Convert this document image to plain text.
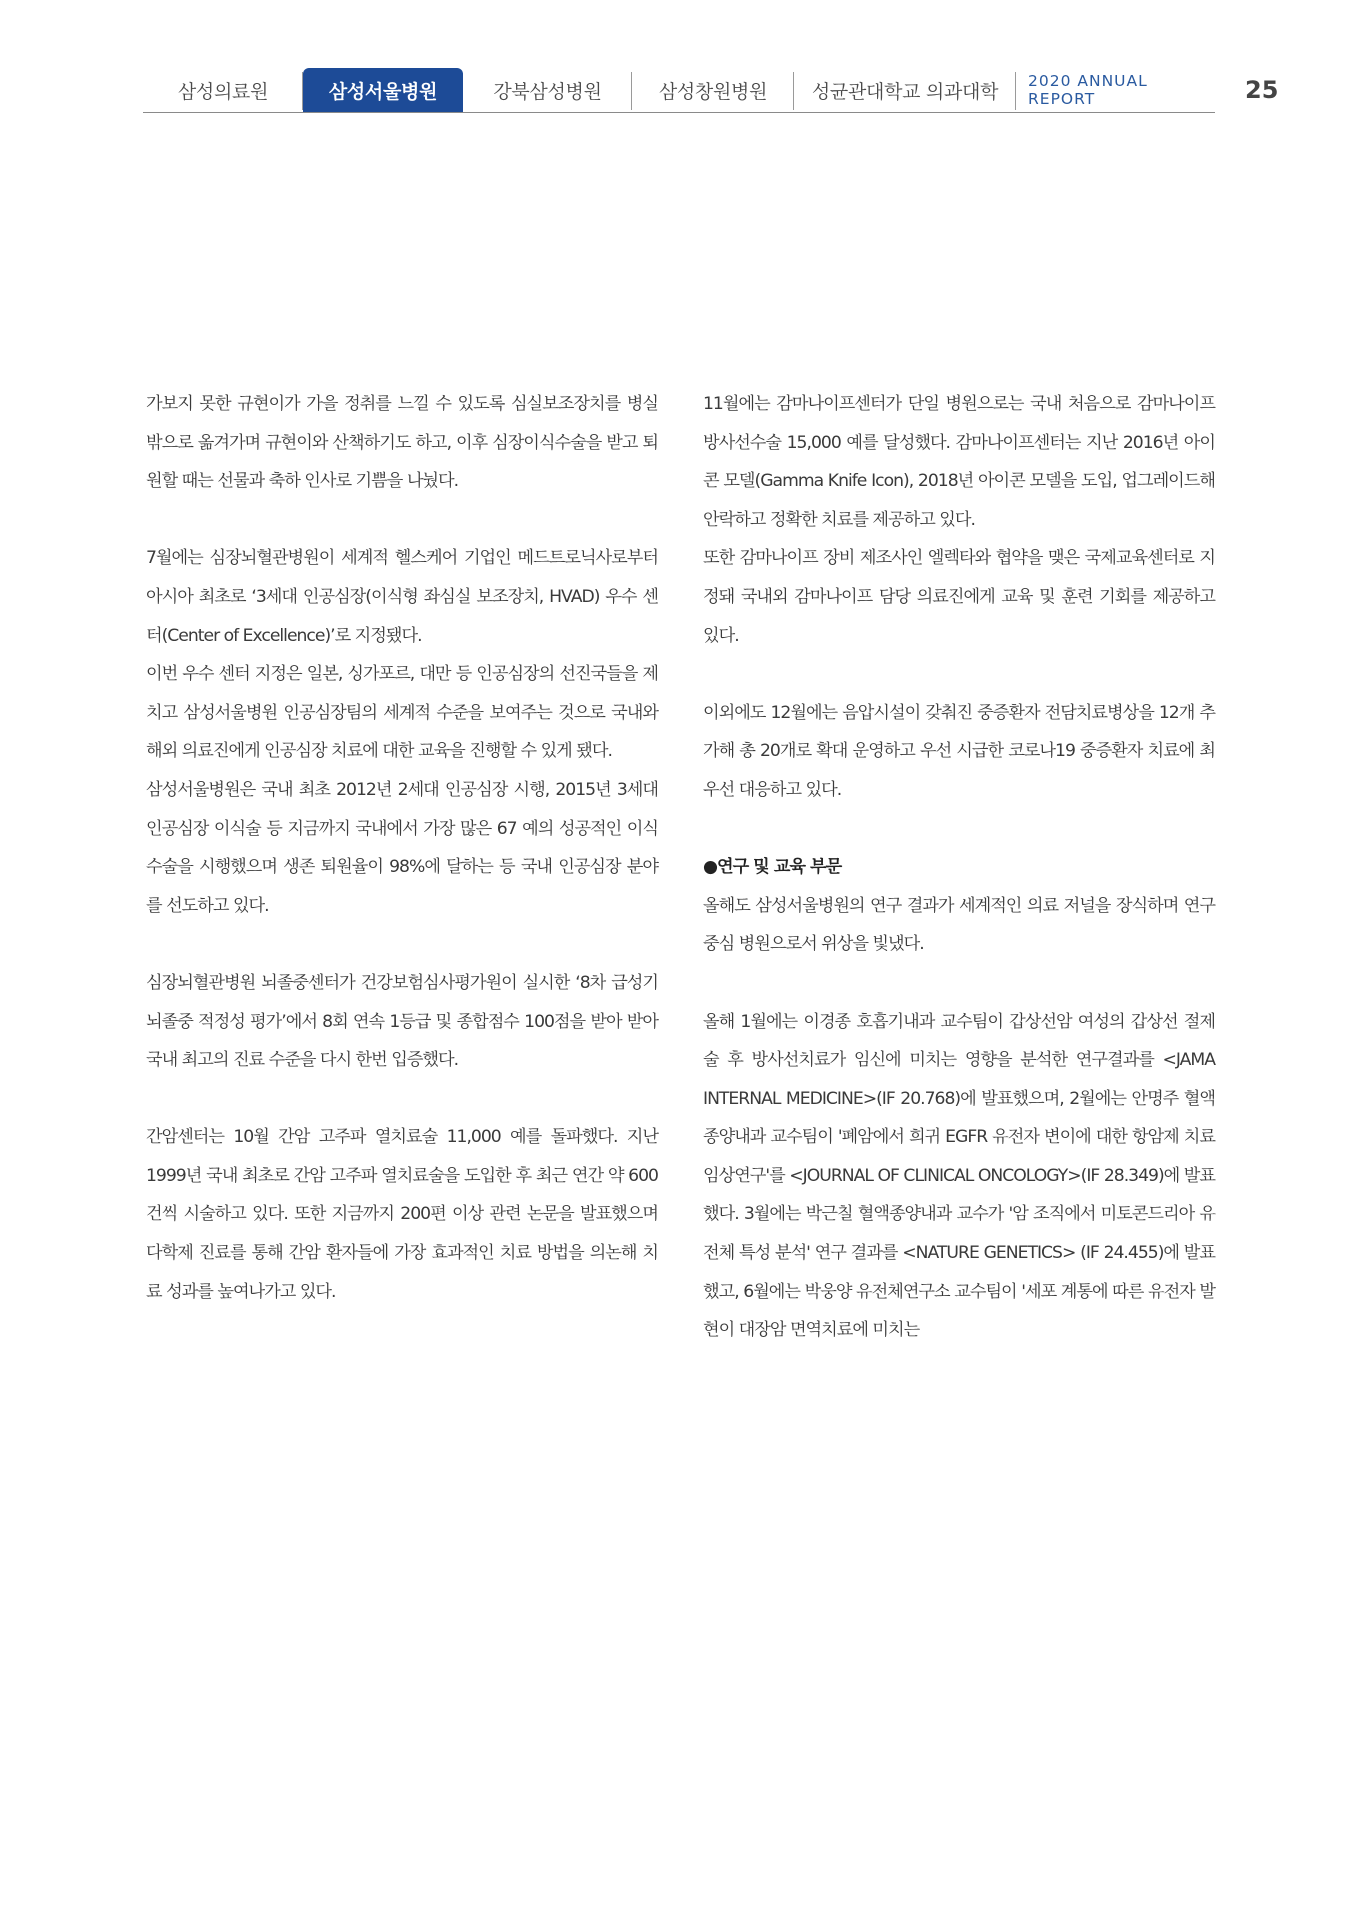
삼성의료원	삼성서울병원	강북삼성병원	삼성창원병원	성균관대학교 의과대학	2020 ANNUAL REPORT	25

가보지 못한 규현이가 가을 정취를 느낄 수 있도록 심실보조장치를 병실 밖으로 옮겨가며 규현이와 산책하기도 하고, 이후 심장이식수술을 받고 퇴원할 때는 선물과 축하 인사로 기쁨을 나눴다.

7월에는 심장뇌혈관병원이 세계적 헬스케어 기업인 메드트로닉사로부터 아시아 최초로 ‘3세대 인공심장(이식형 좌심실 보조장치, HVAD) 우수 센터(Center of Excellence)’로 지정됐다.

이번 우수 센터 지정은 일본, 싱가포르, 대만 등 인공심장의 선진국들을 제치고 삼성서울병원 인공심장팀의 세계적 수준을 보여주는 것으로 국내와 해외 의료진에게 인공심장 치료에 대한 교육을 진행할 수 있게 됐다.

삼성서울병원은 국내 최초 2012년 2세대 인공심장 시행, 2015년 3세대 인공심장 이식술 등 지금까지 국내에서 가장 많은 67 예의 성공적인 이식 수술을 시행했으며 생존 퇴원율이 98%에 달하는 등 국내 인공심장 분야를 선도하고 있다.

심장뇌혈관병원 뇌졸중센터가 건강보험심사평가원이 실시한 ‘8차 급성기 뇌졸중 적정성 평가’에서 8회 연속 1등급 및 종합점수 100점을 받아 받아 국내 최고의 진료 수준을 다시 한번 입증했다.

간암센터는 10월 간암 고주파 열치료술 11,000 예를 돌파했다. 지난 1999년 국내 최초로 간암 고주파 열치료술을 도입한 후 최근 연간 약 600건씩 시술하고 있다. 또한 지금까지 200편 이상 관련 논문을 발표했으며 다학제 진료를 통해 간암 환자들에 가장 효과적인 치료 방법을 의논해 치료 성과를 높여나가고 있다.

11월에는 감마나이프센터가 단일 병원으로는 국내 처음으로 감마나이프 방사선수술 15,000 예를 달성했다. 감마나이프센터는 지난 2016년 아이콘 모델(Gamma Knife Icon), 2018년 아이콘 모델을 도입, 업그레이드해 안락하고 정확한 치료를 제공하고 있다.

또한 감마나이프 장비 제조사인 엘렉타와 협약을 맺은 국제교육센터로 지정돼 국내외 감마나이프 담당 의료진에게 교육 및 훈련 기회를 제공하고 있다.

이외에도 12월에는 음압시설이 갖춰진 중증환자 전담치료병상을 12개 추가해 총 20개로 확대 운영하고 우선 시급한 코로나19 중증환자 치료에 최우선 대응하고 있다.

●연구 및 교육 부문

올해도 삼성서울병원의 연구 결과가 세계적인 의료 저널을 장식하며 연구 중심 병원으로서 위상을 빛냈다.

올해 1월에는 이경종 호흡기내과 교수팀이 갑상선암 여성의 갑상선 절제술 후 방사선치료가 임신에 미치는 영향을 분석한 연구결과를 <JAMA INTERNAL MEDICINE>(IF 20.768)에 발표했으며, 2월에는 안명주 혈액종양내과 교수팀이 '폐암에서 희귀 EGFR 유전자 변이에 대한 항암제 치료 임상연구'를 <JOURNAL OF CLINICAL ONCOLOGY>(IF 28.349)에 발표했다. 3월에는 박근칠 혈액종양내과 교수가 '암 조직에서 미토콘드리아 유전체 특성 분석' 연구 결과를 <NATURE GENETICS> (IF 24.455)에 발표했고, 6월에는 박웅양 유전체연구소 교수팀이 '세포 계통에 따른 유전자 발현이 대장암 면역치료에 미치는
